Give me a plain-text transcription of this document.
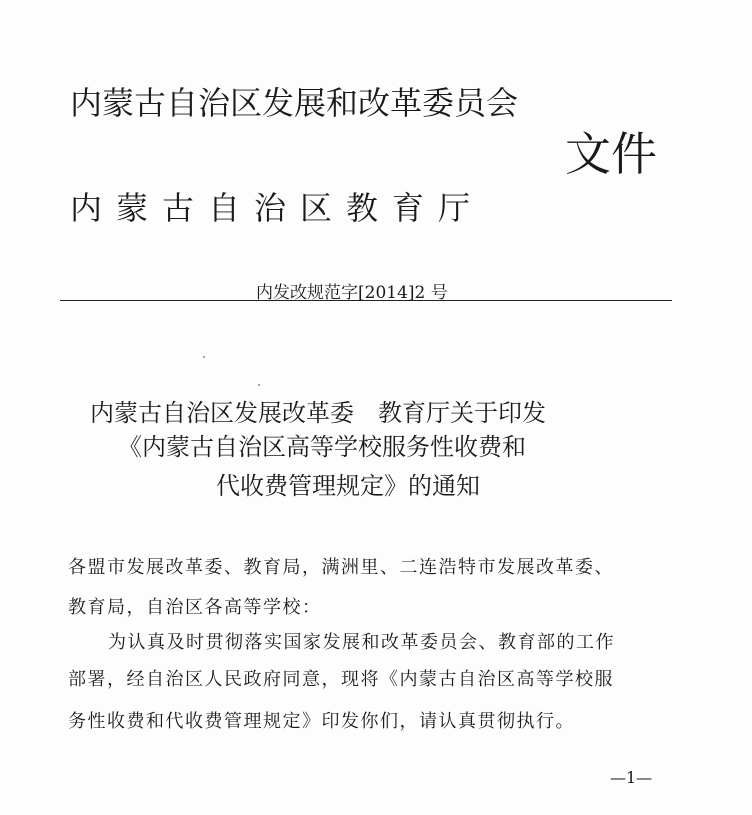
内蒙古自治区发展和改革委员会
内蒙古自治区教育厅
文件
内发改规范字[2014]2 号
内蒙古自治区发展改革委　教育厅关于印发
《内蒙古自治区高等学校服务性收费和
代收费管理规定》的通知
各盟市发展改革委、教育局，满洲里、二连浩特市发展改革委、
教育局，自治区各高等学校：
为认真及时贯彻落实国家发展和改革委员会、教育部的工作
部署，经自治区人民政府同意，现将《内蒙古自治区高等学校服
务性收费和代收费管理规定》印发你们，请认真贯彻执行。
—1—
